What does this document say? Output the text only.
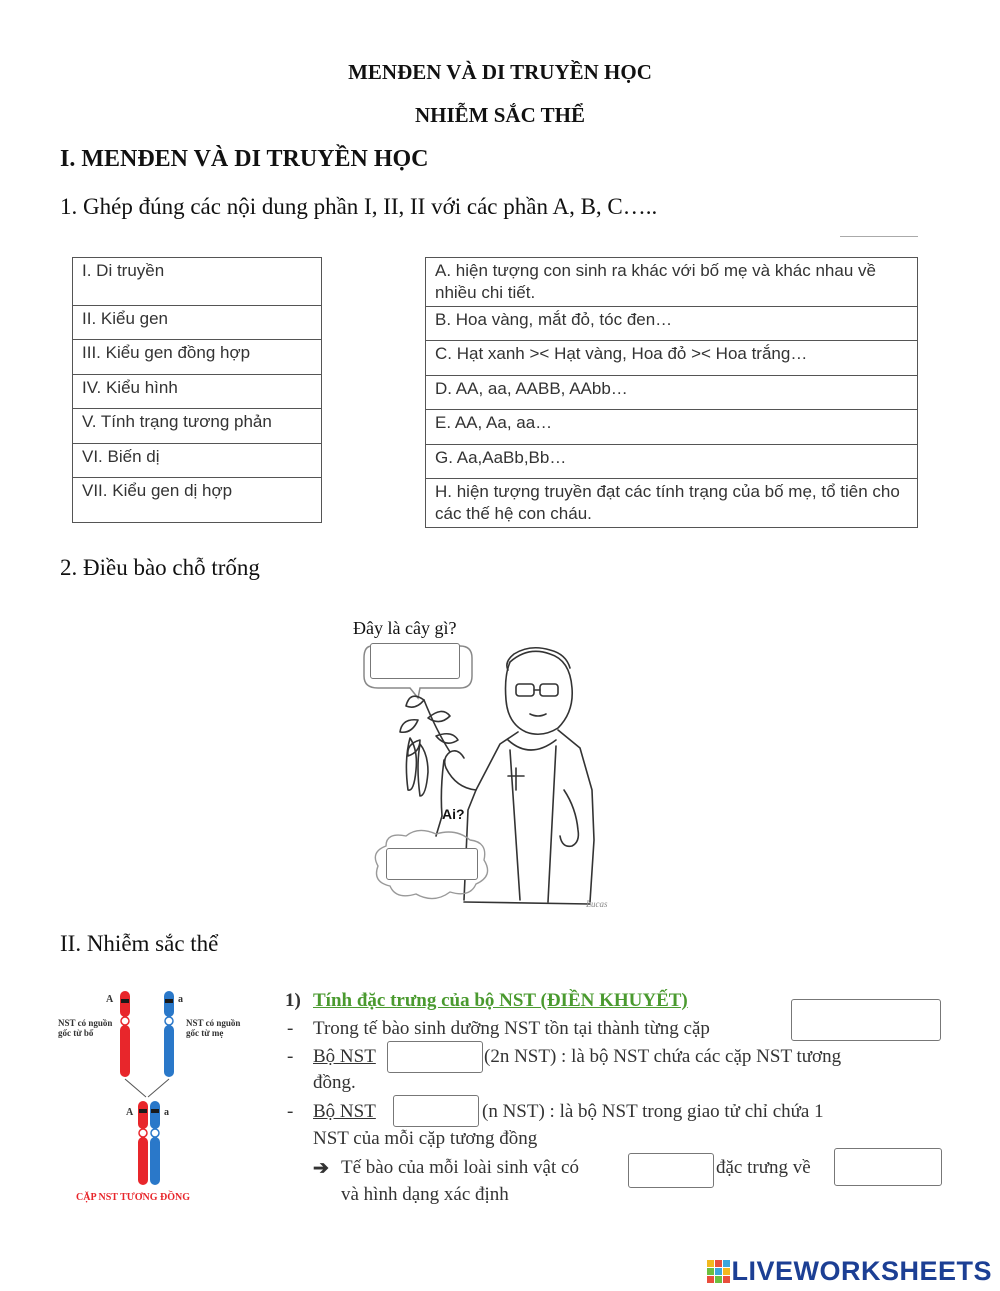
MENĐEN VÀ DI TRUYỀN HỌC
NHIỄM SẮC THỂ
I. MENĐEN VÀ DI TRUYỀN HỌC
1. Ghép đúng các nội dung phần I, II, II với các phần A, B, C…..
I. Di truyền
II. Kiểu gen
III. Kiểu gen đồng hợp
IV. Kiểu hình
V. Tính trạng tương phản
VI. Biến dị
VII. Kiểu gen dị hợp
A. hiện tượng con sinh ra khác với bố mẹ và khác nhau về nhiều chi tiết.
B. Hoa vàng, mắt đỏ, tóc đen…
C. Hạt xanh >< Hạt vàng, Hoa đỏ >< Hoa trắng…
D. AA, aa, AABB, AAbb…
E. AA, Aa, aa…
G. Aa,AaBb,Bb…
H. hiện tượng truyền đạt các tính trạng của bố mẹ, tổ tiên cho các thế hệ con cháu.
2. Điều bào chỗ trống
Đây là cây gì?
Ai?
Lucas
II. Nhiễm sắc thể
A	a
A	a
NST có nguồn gốc từ bố
NST có nguồn gốc từ mẹ
CẶP NST TƯƠNG ĐỒNG
1) Tính đặc trưng của bộ NST (ĐIỀN KHUYẾT)
- Trong tế bào sinh dưỡng NST tồn tại thành từng cặp
- Bộ NST	(2n NST) : là bộ NST chứa các cặp NST tương
đồng.
- Bộ NST	(n NST) : là bộ NST trong giao tử chỉ chứa 1
NST của mỗi cặp tương đồng
➔ Tế bào của mỗi loài sinh vật có	đặc trưng về
và hình dạng xác định
LIVEWORKSHEETS
